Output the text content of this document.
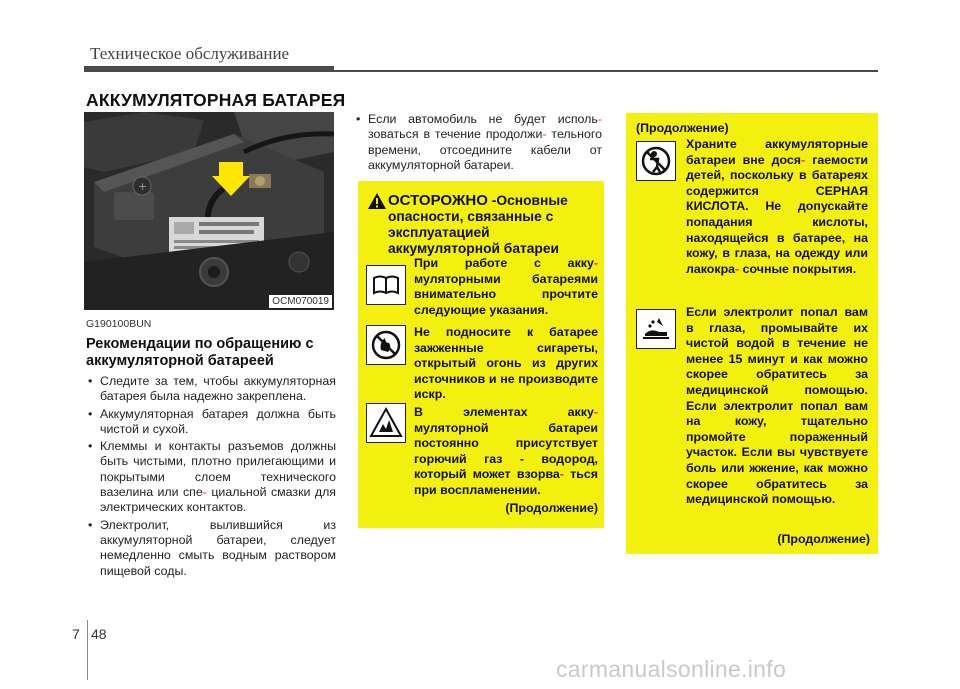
Техническое обслуживание
АККУМУЛЯТОРНАЯ БАТАРЕЯ
+
OCM070019
G190100BUN
Рекомендации по обращению с аккумуляторной батареей
• Следите за тем, чтобы аккумуляторная батарея была надежно закреплена.
• Аккумуляторная батарея должна быть чистой и сухой.
• Клеммы и контакты разъемов должны быть чистыми, плотно прилегающими и покрытыми слоем технического вазелина или спе- циальной смазки для электрических контактов.
• Электролит, вылившийся из аккумуляторной батареи, следует немедленно смыть водным раствором пищевой соды.
• Если автомобиль не будет исполь- зоваться в течение продолжи- тельного времени, отсоедините кабели от аккумуляторной батареи.
ОСТОРОЖНО -Основные опасности, связанные с эксплуатацией аккумуляторной батареи
При работе с акку- муляторными батареями внимательно прочтите следующие указания.
Не подносите к батарее зажженные сигареты, открытый огонь из других источников и не производите искр.
В элементах акку- муляторной батареи постоянно присутствует горючий газ - водород, который может взорва- ться при воспламенении.
(Продолжение)
(Продолжение)
Храните аккумуляторные батареи вне дося- гаемости детей, поскольку в батареях содержится СЕРНАЯ КИСЛОТА. Не допускайте попадания кислоты, находящейся в батарее, на кожу, в глаза, на одежду или лакокра- сочные покрытия.
Если электролит попал вам в глаза, промывайте их чистой водой в течение не менее 15 минут и как можно скорее обратитесь за медицинской помощью. Если электролит попал вам на кожу, тщательно промойте пораженный участок. Если вы чувствуете боль или жжение, как можно скорее обратитесь за медицинской помощью.
(Продолжение)
7 48
carmanualsonline.info
